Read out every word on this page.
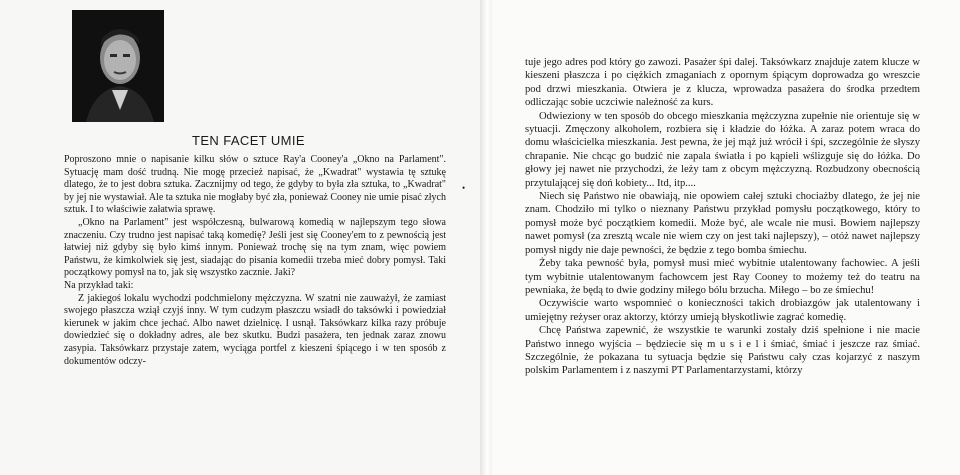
TEN FACET UMIE

Poproszono mnie o napisanie kilku słów o sztuce Ray'a Cooney'a „Okno na Parlament". Sytuację mam dość trudną. Nie mogę przecież napisać, że „Kwadrat" wystawia tę sztukę dlatego, że to jest dobra sztuka. Zacznijmy od tego, że gdyby to była zła sztuka, to „Kwadrat" by jej nie wystawiał. Ale ta sztuka nie mogłaby być zła, ponieważ Cooney nie umie pisać złych sztuk. I to właściwie załatwia sprawę.

„Okno na Parlament" jest współczesną, bulwarową komedią w najlepszym tego słowa znaczeniu. Czy trudno jest napisać taką komedię? Jeśli jest się Cooney'em to z pewnością jest łatwiej niż gdyby się było kimś innym. Ponieważ trochę się na tym znam, więc powiem Państwu, że kimkolwiek się jest, siadając do pisania komedii trzeba mieć dobry pomysł. Taki początkowy pomysł na to, jak się wszystko zacznie. Jaki?

Na przykład taki:

Z jakiegoś lokalu wychodzi podchmielony mężczyzna. W szatni nie zauważył, że zamiast swojego płaszcza wziął czyjś inny. W tym cudzym płaszczu wsiadł do taksówki i powiedział kierunek w jakim chce jechać. Albo nawet dzielnicę. I usnął. Taksówkarz kilka razy próbuje dowiedzieć się o dokładny adres, ale bez skutku. Budzi pasażera, ten jednak zaraz znowu zasypia. Taksówkarz przystaje zatem, wyciąga portfel z kieszeni śpiącego i w ten sposób z dokumentów odczy-

•

tuje jego adres pod który go zawozi. Pasażer śpi dalej. Taksówkarz znajduje zatem klucze w kieszeni płaszcza i po ciężkich zmaganiach z opornym śpiącym doprowadza go wreszcie pod drzwi mieszkania. Otwiera je z klucza, wprowadza pasażera do środka przedtem odliczając sobie uczciwie należność za kurs.

Odwieziony w ten sposób do obcego mieszkania mężczyzna zupełnie nie orientuje się w sytuacji. Zmęczony alkoholem, rozbiera się i kładzie do łóżka. A zaraz potem wraca do domu właścicielka mieszkania. Jest pewna, że jej mąż już wrócił i śpi, szczególnie że słyszy chrapanie. Nie chcąc go budzić nie zapala światła i po kąpieli wślizguje się do łóżka. Do głowy jej nawet nie przychodzi, że leży tam z obcym mężczyzną. Rozbudzony obecnością przytulającej się doń kobiety... Itd, itp....

Niech się Państwo nie obawiają, nie opowiem całej sztuki chociażby dlatego, że jej nie znam. Chodziło mi tylko o nieznany Państwu przykład pomysłu początkowego, który to pomysł może być początkiem komedii. Może być, ale wcale nie musi. Bowiem najlepszy nawet pomysł (za zresztą wcale nie wiem czy on jest taki najlepszy), – otóż nawet najlepszy pomysł nigdy nie daje pewności, że będzie z tego bomba śmiechu.

Żeby taka pewność była, pomysł musi mieć wybitnie utalentowany fachowiec. A jeśli tym wybitnie utalentowanym fachowcem jest Ray Cooney to możemy też do teatru na pewniaka, że będą to dwie godziny miłego bólu brzucha. Miłego – bo ze śmiechu!

Oczywiście warto wspomnieć o konieczności takich drobiazgów jak utalentowany i umiejętny reżyser oraz aktorzy, którzy umieją błyskotliwie zagrać komedię.

Chcę Państwa zapewnić, że wszystkie te warunki zostały dziś spełnione i nie macie Państwo innego wyjścia – będziecie się m u s i e l i śmiać, śmiać i jeszcze raz śmiać. Szczególnie, że pokazana tu sytuacja będzie się Państwu cały czas kojarzyć z naszym polskim Parlamentem i z naszymi PT Parlamentarzystami, którzy
